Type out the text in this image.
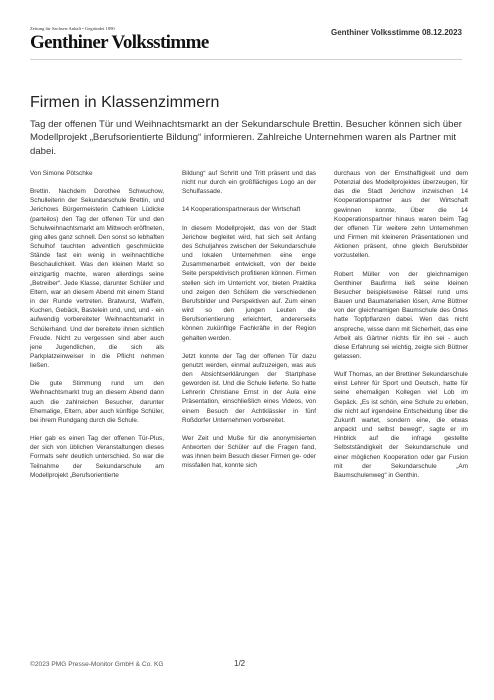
Zeitung für Sachsen-Anhalt • Gegründet 1890
Genthiner Volksstimme	Genthiner Volksstimme 08.12.2023
Firmen in Klassenzimmern

Tag der offenen Tür und Weihnachtsmarkt an der Sekundarschule Brettin. Besucher können sich über Modellprojekt „Berufsorientierte Bildung“ informieren. Zahlreiche Unternehmen waren als Partner mit dabei.

Von Simone Pötschke

Brettin. Nachdem Dorothee Schwuchow, Schulleiterin der Sekundarschule Brettin, und Jerichows Bürgermeisterin Cathleen Lüdicke (parteilos) den Tag der offenen Tür und den Schulweihnachtsmarkt am Mittwoch eröffneten, ging alles ganz schnell. Den sonst so lebhaften Schulhof tauchten adventlich geschmückte Stände fast ein wenig in weihnachtliche Beschaulichkeit. Was den kleinen Markt so einzigartig machte, waren allerdings seine „Betreiber“. Jede Klasse, darunter Schüler und Eltern, war an diesem Abend mit einem Stand in der Runde vertreten. Bratwurst, Waffeln, Kuchen, Gebäck, Bastelein und, und, und - ein aufwendig vorbereiteter Weihnachtsmarkt in Schülerhand. Und der bereitete ihnen sichtlich Freude. Nicht zu vergessen sind aber auch jene Jugendlichen, die sich als Parkplatzeinweiser in die Pflicht nehmen ließen.

Die gute Stimmung rund um den Weihnachtsmarkt trug an diesem Abend dann auch die zahlreichen Besucher, darunter Ehemalige, Eltern, aber auch künftige Schüler, bei ihrem Rundgang durch die Schule.

Hier gab es einen Tag der offenen Tür-Plus, der sich von üblichen Veranstaltungen dieses Formats sehr deutlich unterschied. So war die Teilnahme der Sekundarschule am Modellprojekt „Berufsorientierte

Bildung“ auf Schritt und Tritt präsent und das nicht nur durch ein großflächiges Logo an der Schulfassade.

14 Kooperationspartneraus der Wirtschaft

In diesem Modellprojekt, das von der Stadt Jerichow begleitet wird, hat sich seit Anfang des Schuljahres zwischen der Sekundarschule und lokalen Unternehmen eine enge Zusammenarbeit entwickelt, von der beide Seite perspektivisch profitieren können. Firmen stellen sich im Unterricht vor, bieten Praktika und zeigen den Schülern die verschiedenen Berufsbilder und Perspektiven auf. Zum einen wird so den jungen Leuten die Berufsorientierung erleichtert, andererseits können zukünftige Fachkräfte in der Region gehalten werden.

Jetzt konnte der Tag der offenen Tür dazu genutzt werden, einmal aufzuzeigen, was aus den Absichtserklärungen der Startphase geworden ist. Und die Schule lieferte. So hatte Lehrerin Christiane Ernst in der Aula eine Präsentation, einschließlich eines Videos, von einem Besuch der Achtklässler in fünf Roßdorfer Unternehmen vorbereitet.

Wer Zeit und Muße für die anonymisierten Antworten der Schüler auf die Fragen fand, was ihnen beim Besuch dieser Firmen ge- oder missfallen hat, konnte sich

durchaus von der Ernsthaftigkeit und dem Potenzial des Modellprojektes überzeugen, für das die Stadt Jerichow inzwischen 14 Kooperationspartner aus der Wirtschaft gewinnen konnte. Über die 14 Kooperationspartner hinaus waren beim Tag der offenen Tür weitere zehn Unternehmen und Firmen mit kleineren Präsentationen und Aktionen präsent, ohne gleich Berufsbilder vorzustellen.

Robert Müller von der gleichnamigen Genthiner Baufirma ließ seine kleinen Besucher beispielsweise Rätsel rund ums Bauen und Baumaterialien lösen, Arne Büttner von der gleichnamigen Baumschule des Ortes hatte Topfpflanzen dabei. Wen das nicht anspreche, wisse dann mit Sicherheit, das eine Arbeit als Gärtner nichts für ihn sei - auch diese Erfahrung sei wichtig, zeigte sich Büttner gelassen.

Wulf Thomas, an der Brettiner Sekundarschule einst Lehrer für Sport und Deutsch, hatte für seine ehemaligen Kollegen viel Lob im Gepäck. „Es ist schön, eine Schule zu erleben, die nicht auf irgendeine Entscheidung über die Zukunft wartet, sondern eine, die etwas anpackt und selbst bewegt“, sagte er im Hinblick auf die infrage gestellte Selbstständigkeit der Sekundarschule und einer möglichen Kooperation oder gar Fusion mit der Sekundarschule „Am Baumschulenweg“ in Genthin.

©2023 PMG Presse-Monitor GmbH & Co. KG	1/2
